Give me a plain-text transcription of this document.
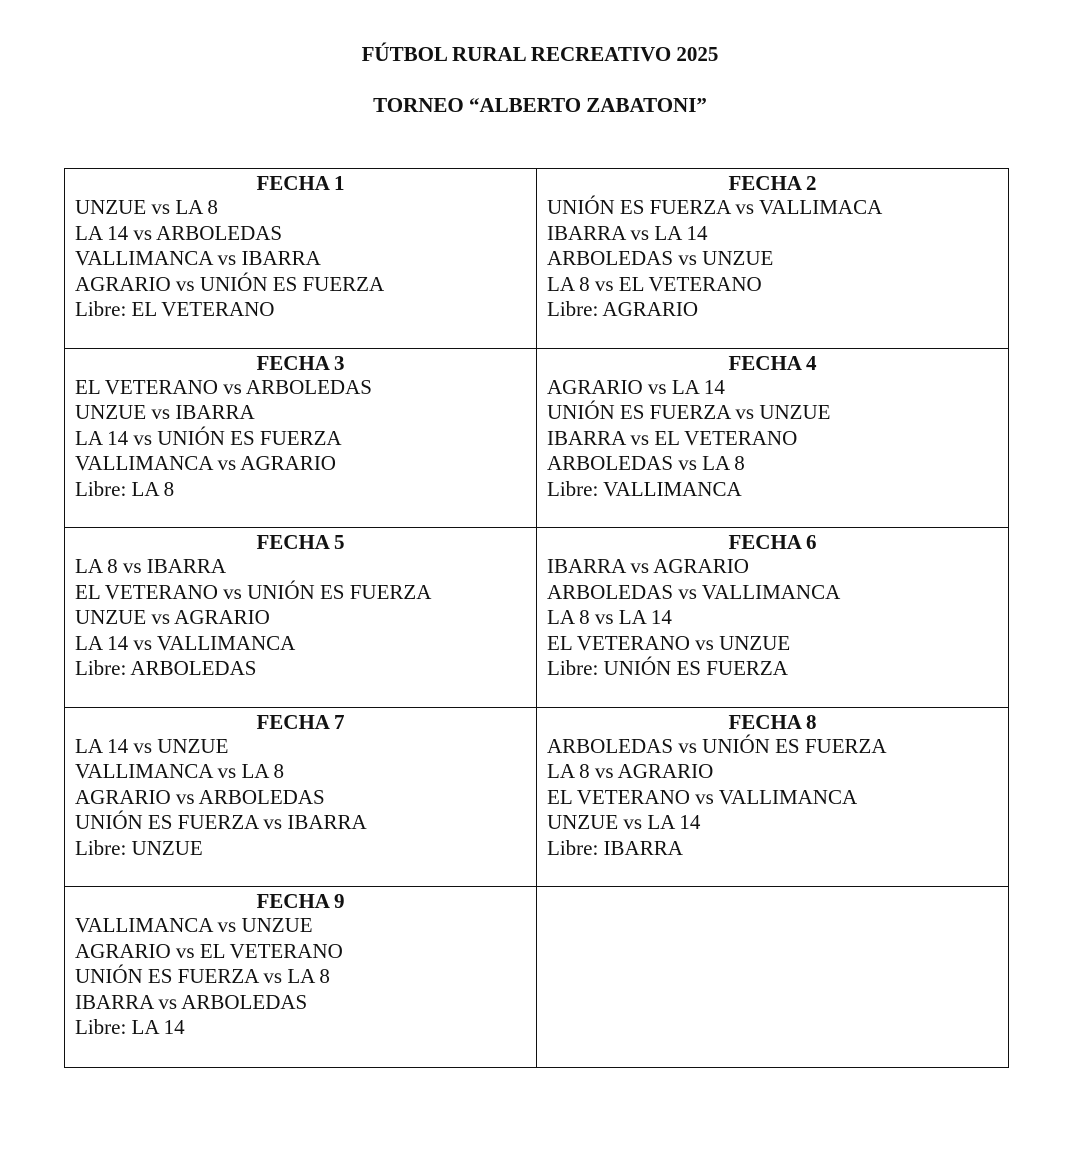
FÚTBOL RURAL RECREATIVO 2025
TORNEO “ALBERTO ZABATONI”
FECHA 1
UNZUE vs LA 8
LA 14 vs ARBOLEDAS
VALLIMANCA vs IBARRA
AGRARIO vs UNIÓN ES FUERZA
Libre: EL VETERANO
FECHA 2
UNIÓN ES FUERZA vs VALLIMACA
IBARRA vs LA 14
ARBOLEDAS vs UNZUE
LA 8 vs EL VETERANO
Libre: AGRARIO
FECHA 3
EL VETERANO vs ARBOLEDAS
UNZUE vs IBARRA
LA 14 vs UNIÓN ES FUERZA
VALLIMANCA vs AGRARIO
Libre: LA 8
FECHA 4
AGRARIO vs LA 14
UNIÓN ES FUERZA vs UNZUE
IBARRA vs EL VETERANO
ARBOLEDAS vs LA 8
Libre: VALLIMANCA
FECHA 5
LA 8 vs IBARRA
EL VETERANO vs UNIÓN ES FUERZA
UNZUE vs AGRARIO
LA 14 vs VALLIMANCA
Libre: ARBOLEDAS
FECHA 6
IBARRA vs AGRARIO
ARBOLEDAS vs VALLIMANCA
LA 8 vs LA 14
EL VETERANO vs UNZUE
Libre: UNIÓN ES FUERZA
FECHA 7
LA 14 vs UNZUE
VALLIMANCA vs LA 8
AGRARIO vs ARBOLEDAS
UNIÓN ES FUERZA vs IBARRA
Libre: UNZUE
FECHA 8
ARBOLEDAS vs UNIÓN ES FUERZA
LA 8 vs AGRARIO
EL VETERANO vs VALLIMANCA
UNZUE vs LA 14
Libre: IBARRA
FECHA 9
VALLIMANCA vs UNZUE
AGRARIO vs EL VETERANO
UNIÓN ES FUERZA vs LA 8
IBARRA vs ARBOLEDAS
Libre: LA 14
